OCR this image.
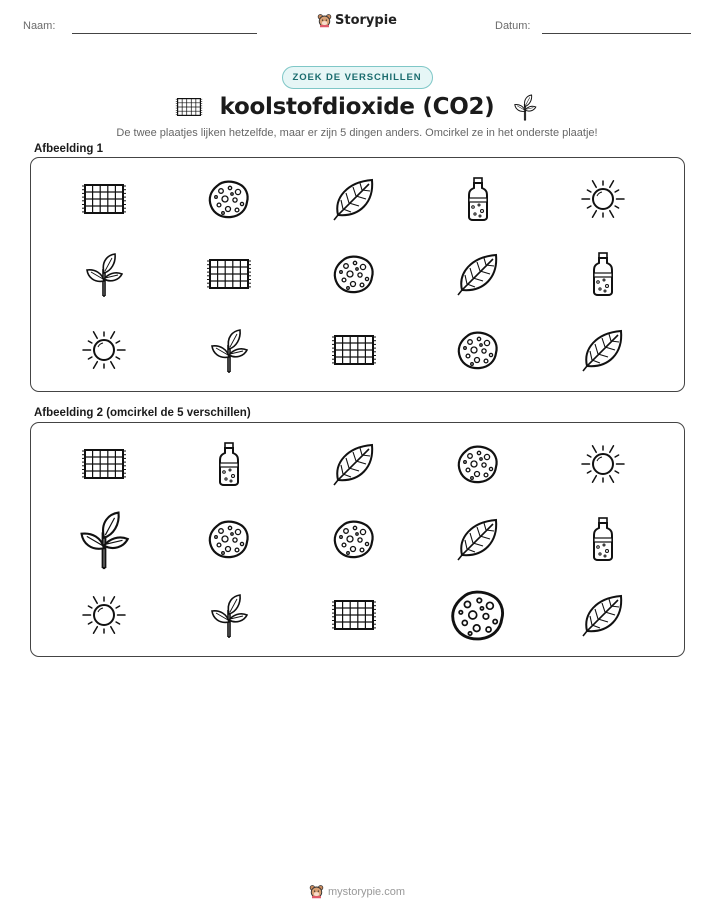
Naam:	Storypie	Datum:
ZOEK DE VERSCHILLEN
koolstofdioxide (CO2)
De twee plaatjes lijken hetzelfde, maar er zijn 5 dingen anders. Omcirkel ze in het onderste plaatje!
Afbeelding 1
Afbeelding 2 (omcirkel de 5 verschillen)
mystorypie.com
